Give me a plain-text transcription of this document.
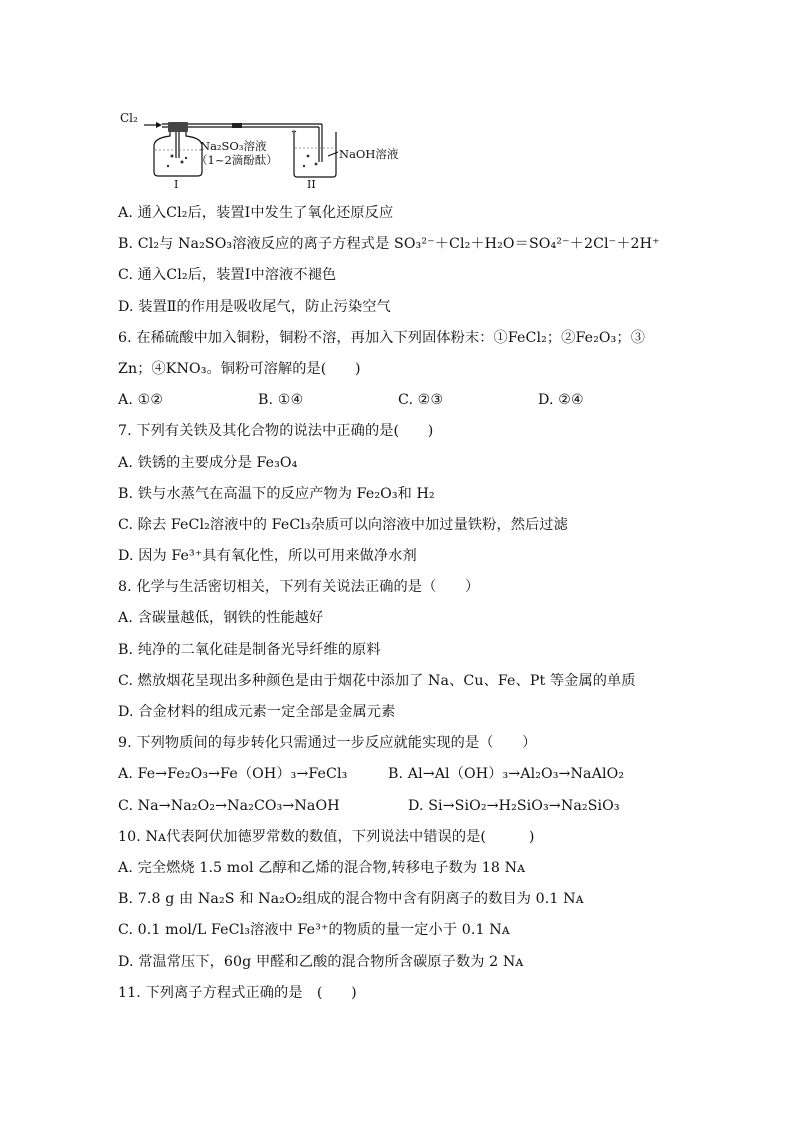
Cl₂
Na₂SO₃溶液
（1~2滴酚酞）
I
NaOH溶液
II
A. 通入Cl₂后，装置Ⅰ中发生了氧化还原反应
B. Cl₂与 Na₂SO₃溶液反应的离子方程式是 SO₃²⁻＋Cl₂＋H₂O＝SO₄²⁻＋2Cl⁻＋2H⁺
C. 通入Cl₂后，装置Ⅰ中溶液不褪色
D. 装置Ⅱ的作用是吸收尾气，防止污染空气
6. 在稀硫酸中加入铜粉，铜粉不溶，再加入下列固体粉末：①FeCl₂；②Fe₂O₃；③
Zn；④KNO₃。铜粉可溶解的是(　　)
A. ①②	B. ①④	C. ②③	D. ②④
7. 下列有关铁及其化合物的说法中正确的是(　　)
A. 铁锈的主要成分是 Fe₃O₄
B. 铁与水蒸气在高温下的反应产物为 Fe₂O₃和 H₂
C. 除去 FeCl₂溶液中的 FeCl₃杂质可以向溶液中加过量铁粉，然后过滤
D. 因为 Fe³⁺具有氧化性，所以可用来做净水剂
8. 化学与生活密切相关，下列有关说法正确的是（　　）
A. 含碳量越低，钢铁的性能越好
B. 纯净的二氧化硅是制备光导纤维的原料
C. 燃放烟花呈现出多种颜色是由于烟花中添加了 Na、Cu、Fe、Pt 等金属的单质
D. 合金材料的组成元素一定全部是金属元素
9. 下列物质间的每步转化只需通过一步反应就能实现的是（　　）
A. Fe→Fe₂O₃→Fe（OH）₃→FeCl₃	B. Al→Al（OH）₃→Al₂O₃→NaAlO₂
C. Na→Na₂O₂→Na₂CO₃→NaOH	D. Si→SiO₂→H₂SiO₃→Na₂SiO₃
10. Nᴀ代表阿伏加德罗常数的数值，下列说法中错误的是(　　　)
A. 完全燃烧 1.5 mol 乙醇和乙烯的混合物,转移电子数为 18 Nᴀ
B. 7.8 g 由 Na₂S 和 Na₂O₂组成的混合物中含有阴离子的数目为 0.1 Nᴀ
C. 0.1 mol/L FeCl₃溶液中 Fe³⁺的物质的量一定小于 0.1 Nᴀ
D. 常温常压下，60g 甲醛和乙酸的混合物所含碳原子数为 2 Nᴀ
11. 下列离子方程式正确的是　(　　)
